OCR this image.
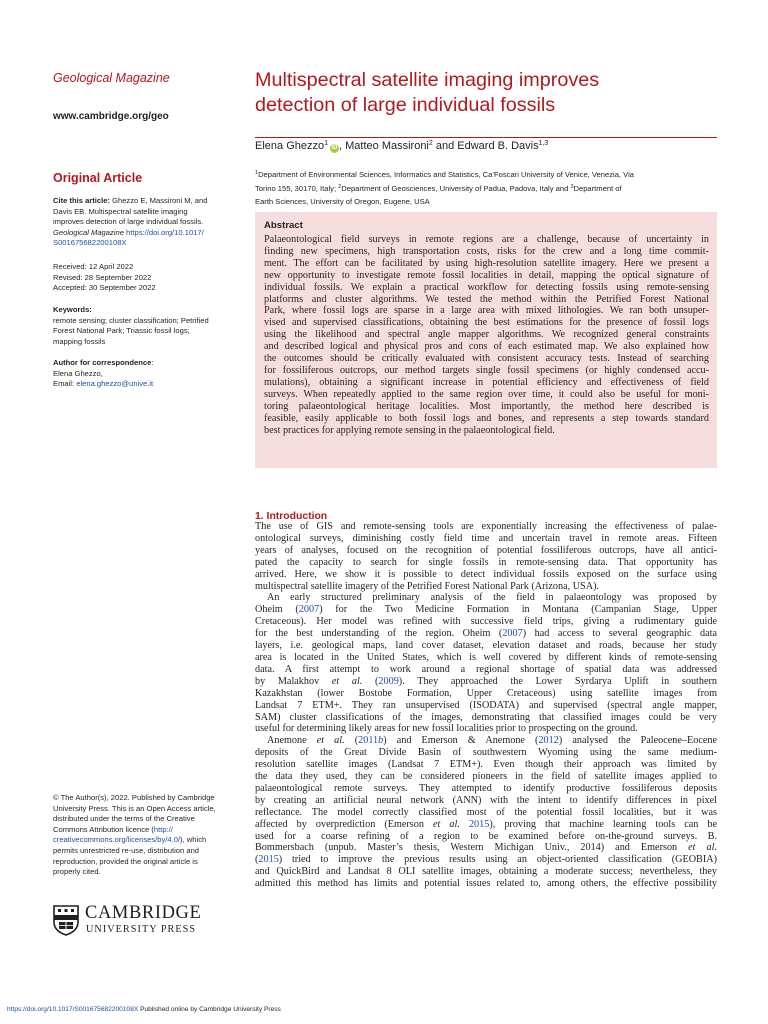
Geological Magazine
www.cambridge.org/geo
Original Article
Cite this article: Ghezzo E, Massironi M, and
Davis EB. Multispectral satellite imaging
improves detection of large individual fossils.
Geological Magazine https://doi.org/10.1017/
S001675682200108X
Received: 12 April 2022
Revised: 28 September 2022
Accepted: 30 September 2022
Keywords:
remote sensing; cluster classification; Petrified
Forest National Park; Triassic fossil logs;
mapping fossils
Author for correspondence:
Elena Ghezzo,
Email: elena.ghezzo@unive.it
© The Author(s), 2022. Published by Cambridge
University Press. This is an Open Access article,
distributed under the terms of the Creative
Commons Attribution licence (http://
creativecommons.org/licenses/by/4.0/), which
permits unrestricted re-use, distribution and
reproduction, provided the original article is
properly cited.
CAMBRIDGE
UNIVERSITY PRESS
https://doi.org/10.1017/S001675682200108X Published online by Cambridge University Press
Multispectral satellite imaging improves
detection of large individual fossils
Elena Ghezzo$^1$iD , Matteo Massironi$^2$ and Edward B. Davis$^{1,3}$
$^1$Department of Environmental Sciences, Informatics and Statistics, Ca’Foscari University of Venice, Venezia, Via
Torino 155, 30170, Italy; $^2$Department of Geosciences, University of Padua, Padova, Italy and $^3$Department of
Earth Sciences, University of Oregon, Eugene, USA
Abstract
Palaeontological field surveys in remote regions are a challenge, because of uncertainty in
finding new specimens, high transportation costs, risks for the crew and a long time commit-
ment. The effort can be facilitated by using high-resolution satellite imagery. Here we present a
new opportunity to investigate remote fossil localities in detail, mapping the optical signature of
individual fossils. We explain a practical workflow for detecting fossils using remote-sensing
platforms and cluster algorithms. We tested the method within the Petrified Forest National
Park, where fossil logs are sparse in a large area with mixed lithologies. We ran both unsuper-
vised and supervised classifications, obtaining the best estimations for the presence of fossil logs
using the likelihood and spectral angle mapper algorithms. We recognized general constraints
and described logical and physical pros and cons of each estimated map. We also explained how
the outcomes should be critically evaluated with consistent accuracy tests. Instead of searching
for fossiliferous outcrops, our method targets single fossil specimens (or highly condensed accu-
mulations), obtaining a significant increase in potential efficiency and effectiveness of field
surveys. When repeatedly applied to the same region over time, it could also be useful for moni-
toring palaeontological heritage localities. Most importantly, the method here described is
feasible, easily applicable to both fossil logs and bones, and represents a step towards standard
best practices for applying remote sensing in the palaeontological field.
1. Introduction
The use of GIS and remote-sensing tools are exponentially increasing the effectiveness of palae-
ontological surveys, diminishing costly field time and uncertain travel in remote areas. Fifteen
years of analyses, focused on the recognition of potential fossiliferous outcrops, have all antici-
pated the capacity to search for single fossils in remote-sensing data. That opportunity has
arrived. Here, we show it is possible to detect individual fossils exposed on the surface using
multispectral satellite imagery of the Petrified Forest National Park (Arizona, USA).
An early structured preliminary analysis of the field in palaeontology was proposed by
Oheim (2007) for the Two Medicine Formation in Montana (Campanian Stage, Upper
Cretaceous). Her model was refined with successive field trips, giving a rudimentary guide
for the best understanding of the region. Oheim (2007) had access to several geographic data
layers, i.e. geological maps, land cover dataset, elevation dataset and roads, because her study
area is located in the United States, which is well covered by different kinds of remote-sensing
data. A first attempt to work around a regional shortage of spatial data was addressed
by Malakhov et al. (2009). They approached the Lower Syrdarya Uplift in southern
Kazakhstan (lower Bostobe Formation, Upper Cretaceous) using satellite images from
Landsat 7 ETM+. They ran unsupervised (ISODATA) and supervised (spectral angle mapper,
SAM) cluster classifications of the images, demonstrating that classified images could be very
useful for determining likely areas for new fossil localities prior to prospecting on the ground.
Anemone et al. (2011b) and Emerson & Anemone (2012) analysed the Paleocene–Eocene
deposits of the Great Divide Basin of southwestern Wyoming using the same medium-
resolution satellite images (Landsat 7 ETM+). Even though their approach was limited by
the data they used, they can be considered pioneers in the field of satellite images applied to
palaeontological remote surveys. They attempted to identify productive fossiliferous deposits
by creating an artificial neural network (ANN) with the intent to identify differences in pixel
reflectance. The model correctly classified most of the potential fossil localities, but it was
affected by overprediction (Emerson et al. 2015), proving that machine learning tools can be
used for a coarse refining of a region to be examined before on-the-ground surveys. B.
Bommersbach (unpub. Master’s thesis, Western Michigan Univ., 2014) and Emerson et al.
(2015) tried to improve the previous results using an object-oriented classification (GEOBIA)
and QuickBird and Landsat 8 OLI satellite images, obtaining a moderate success; nevertheless, they
admitted this method has limits and potential issues related to, among others, the effective possibility
